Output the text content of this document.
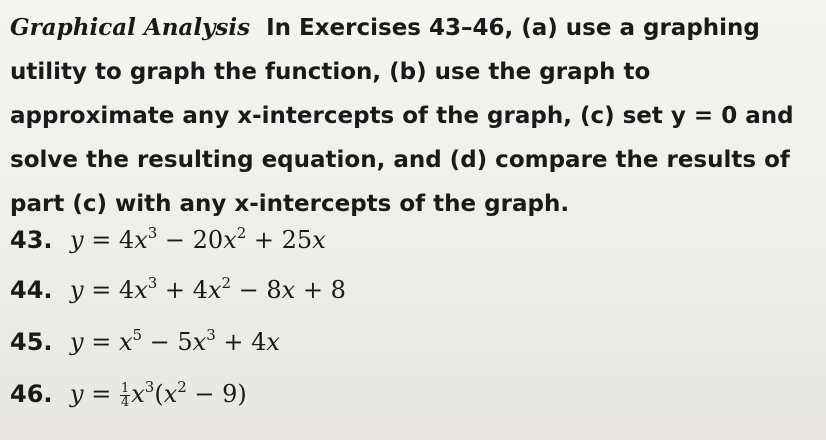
Graphical Analysis In Exercises 43–46, (a) use a graphing utility to graph the function, (b) use the graph to approximate any x-intercepts of the graph, (c) set y = 0 and solve the resulting equation, and (d) compare the results of part (c) with any x-intercepts of the graph.

43. $y = 4x^3 - 20x^2 + 25x$
44. $y = 4x^3 + 4x^2 - 8x + 8$
45. $y = x^5 - 5x^3 + 4x$
46. $y = \frac{1}{4} x^3(x^2 - 9)$
